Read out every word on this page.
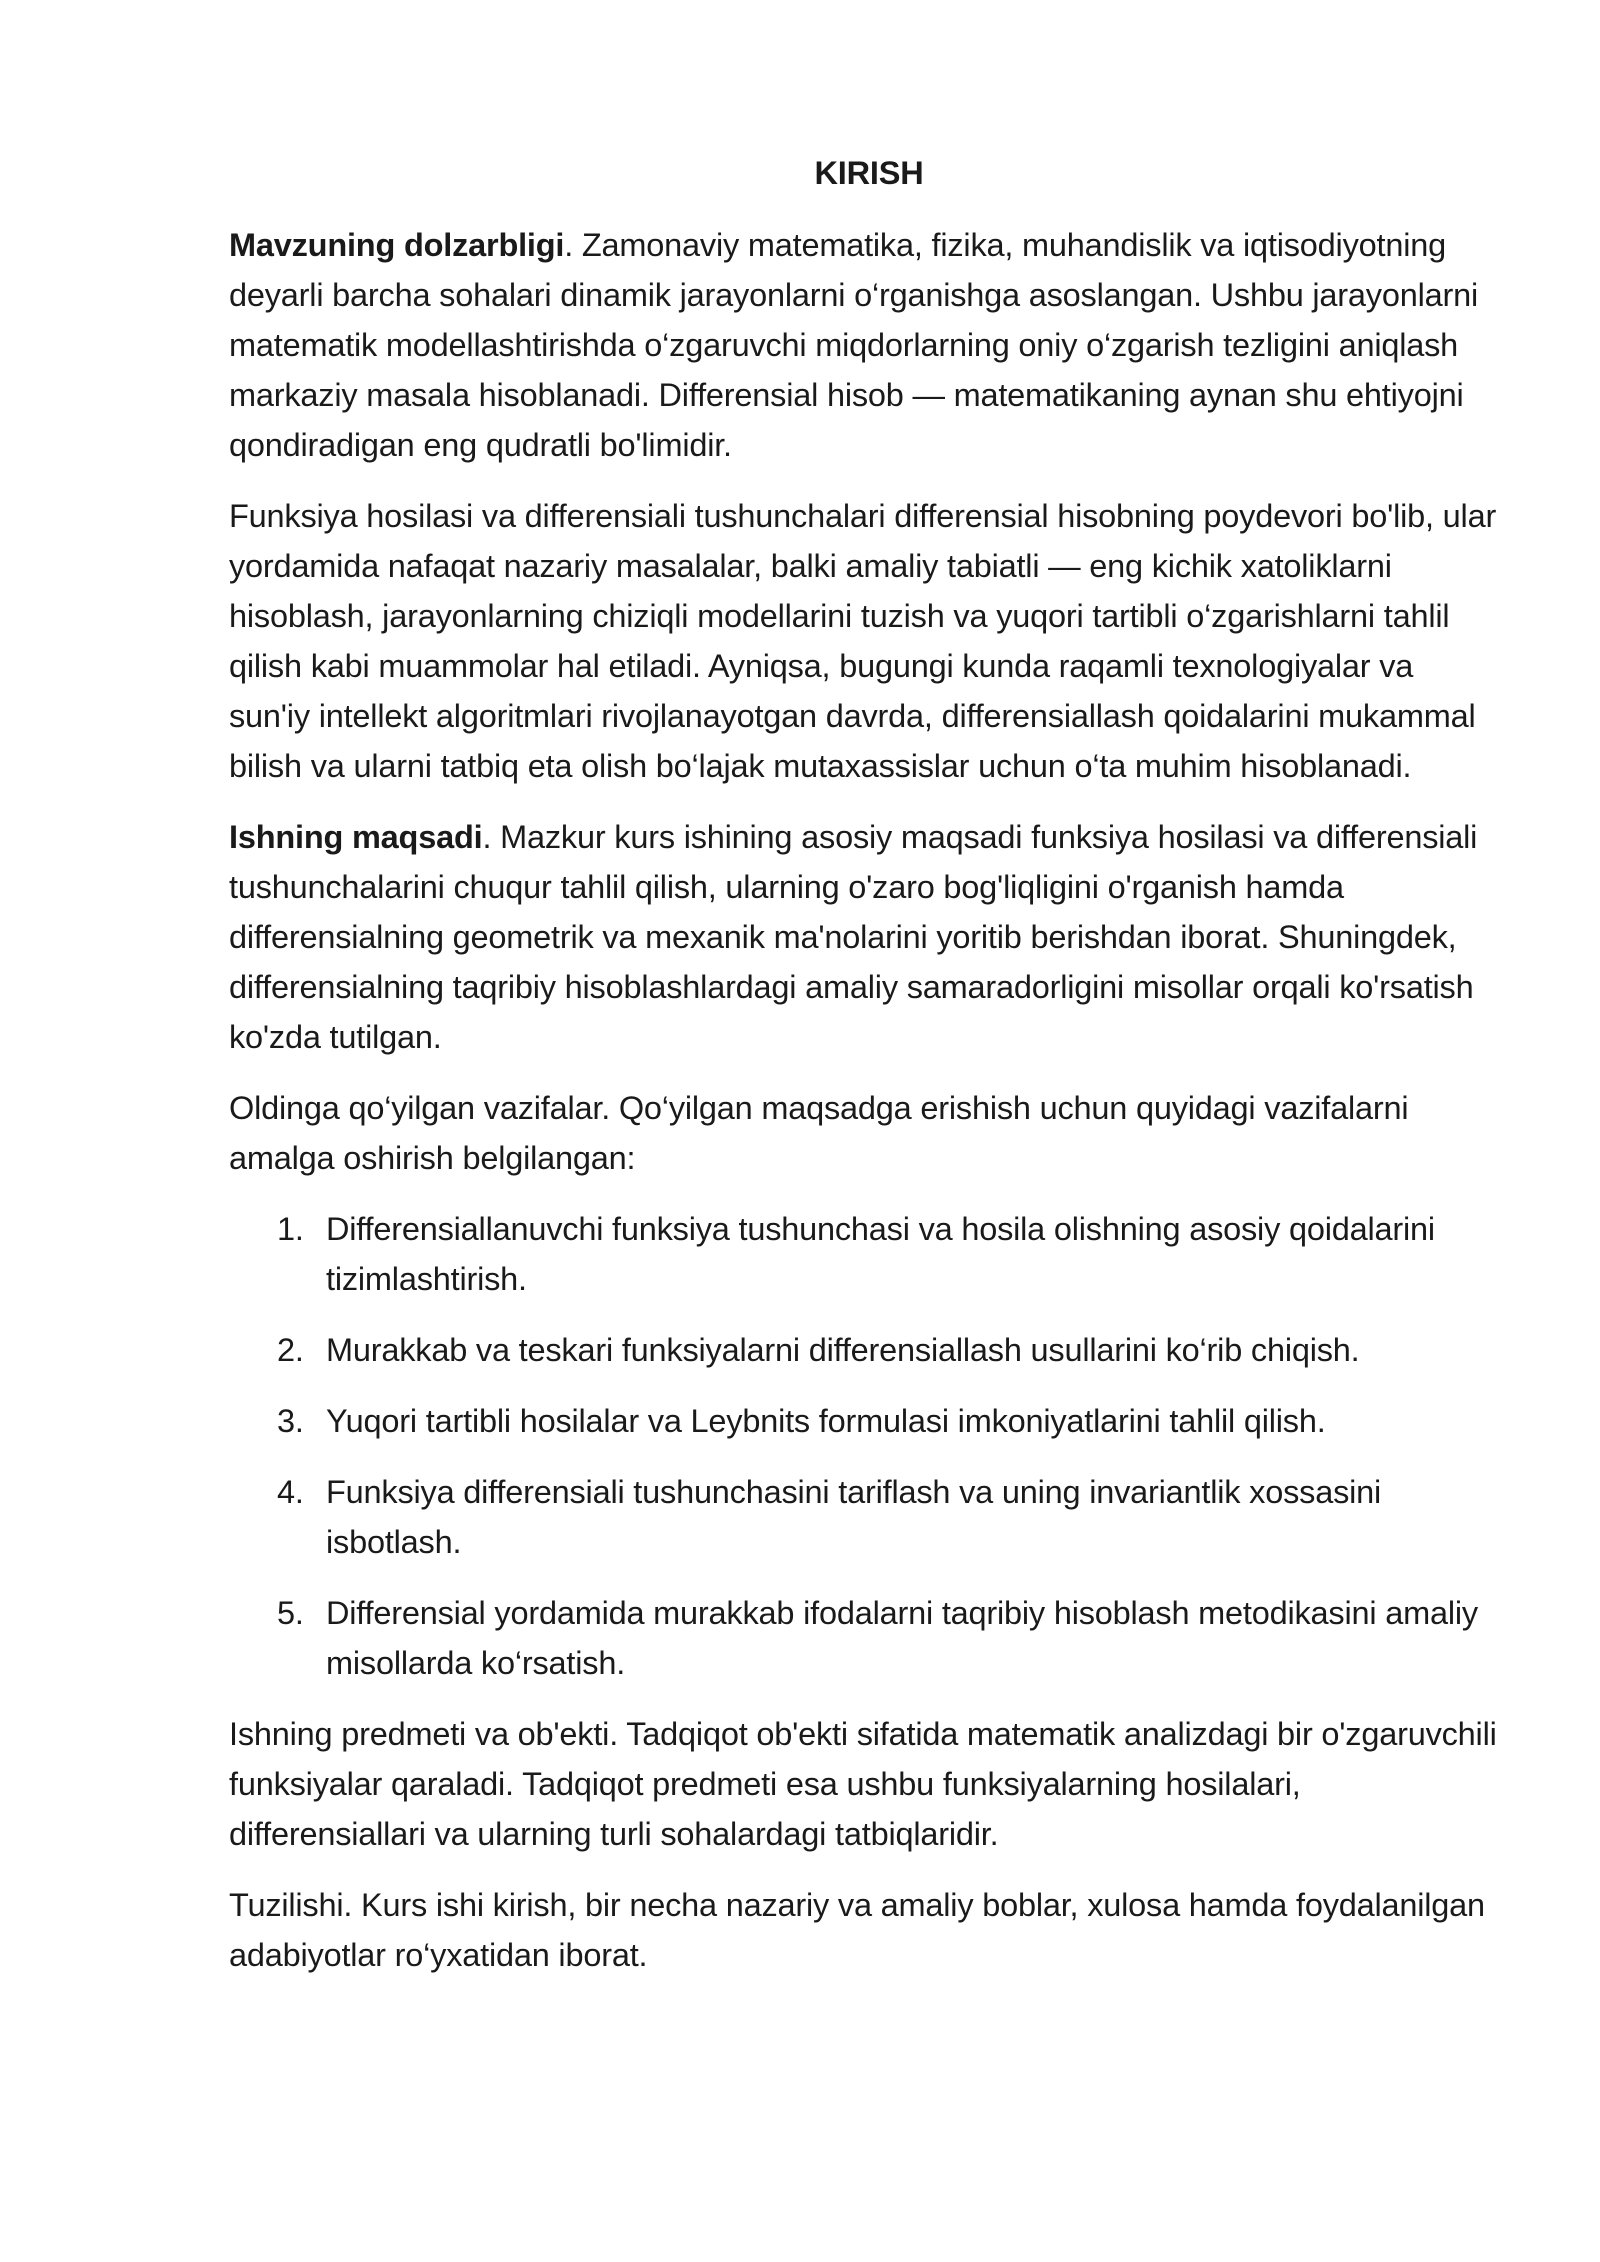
KIRISH

Mavzuning dolzarbligi. Zamonaviy matematika, fizika, muhandislik va iqtisodiyotning deyarli barcha sohalari dinamik jarayonlarni o‘rganishga asoslangan. Ushbu jarayonlarni matematik modellashtirishda o‘zgaruvchi miqdorlarning oniy o‘zgarish tezligini aniqlash markaziy masala hisoblanadi. Differensial hisob — matematikaning aynan shu ehtiyojni qondiradigan eng qudratli bo'limidir.

Funksiya hosilasi va differensiali tushunchalari differensial hisobning poydevori bo'lib, ular yordamida nafaqat nazariy masalalar, balki amaliy tabiatli — eng kichik xatoliklarni hisoblash, jarayonlarning chiziqli modellarini tuzish va yuqori tartibli o‘zgarishlarni tahlil qilish kabi muammolar hal etiladi. Ayniqsa, bugungi kunda raqamli texnologiyalar va sun'iy intellekt algoritmlari rivojlanayotgan davrda, differensiallash qoidalarini mukammal bilish va ularni tatbiq eta olish bo‘lajak mutaxassislar uchun o‘ta muhim hisoblanadi.

Ishning maqsadi. Mazkur kurs ishining asosiy maqsadi funksiya hosilasi va differensiali tushunchalarini chuqur tahlil qilish, ularning o'zaro bog'liqligini o'rganish hamda differensialning geometrik va mexanik ma'nolarini yoritib berishdan iborat. Shuningdek, differensialning taqribiy hisoblashlardagi amaliy samaradorligini misollar orqali ko'rsatish ko'zda tutilgan.

Oldinga qo‘yilgan vazifalar. Qo‘yilgan maqsadga erishish uchun quyidagi vazifalarni amalga oshirish belgilangan:

1. Differensiallanuvchi funksiya tushunchasi va hosila olishning asosiy qoidalarini tizimlashtirish.
2. Murakkab va teskari funksiyalarni differensiallash usullarini ko‘rib chiqish.
3. Yuqori tartibli hosilalar va Leybnits formulasi imkoniyatlarini tahlil qilish.
4. Funksiya differensiali tushunchasini tariflash va uning invariantlik xossasini isbotlash.
5. Differensial yordamida murakkab ifodalarni taqribiy hisoblash metodikasini amaliy misollarda ko‘rsatish.

Ishning predmeti va ob'ekti. Tadqiqot ob'ekti sifatida matematik analizdagi bir o'zgaruvchili funksiyalar qaraladi. Tadqiqot predmeti esa ushbu funksiyalarning hosilalari, differensiallari va ularning turli sohalardagi tatbiqlaridir.

Tuzilishi. Kurs ishi kirish, bir necha nazariy va amaliy boblar, xulosa hamda foydalanilgan adabiyotlar ro‘yxatidan iborat.
